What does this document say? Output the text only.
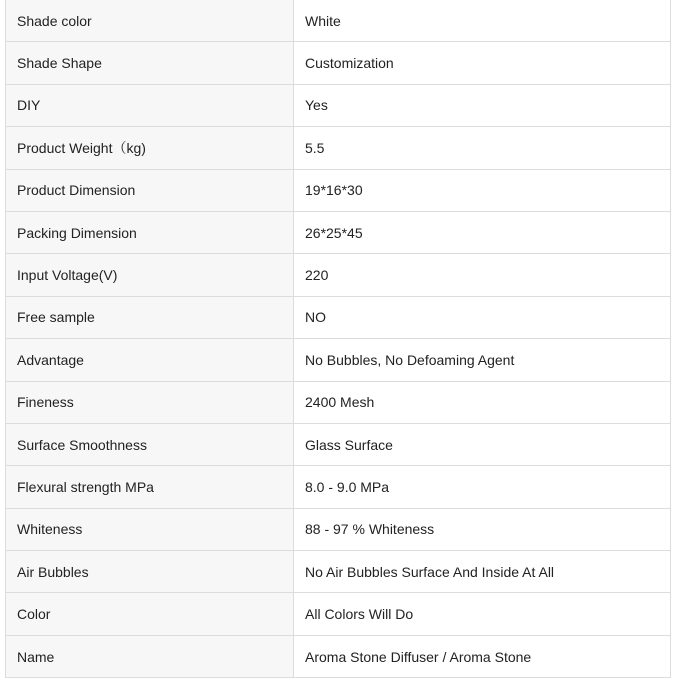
Shade color	White
Shade Shape	Customization
DIY	Yes
Product Weight（kg)	5.5
Product Dimension	19*16*30
Packing Dimension	26*25*45
Input Voltage(V)	220
Free sample	NO
Advantage	No Bubbles, No Defoaming Agent
Fineness	2400 Mesh
Surface Smoothness	Glass Surface
Flexural strength MPa	8.0 - 9.0 MPa
Whiteness	88 - 97 % Whiteness
Air Bubbles	No Air Bubbles Surface And Inside At All
Color	All Colors Will Do
Name	Aroma Stone Diffuser / Aroma Stone
